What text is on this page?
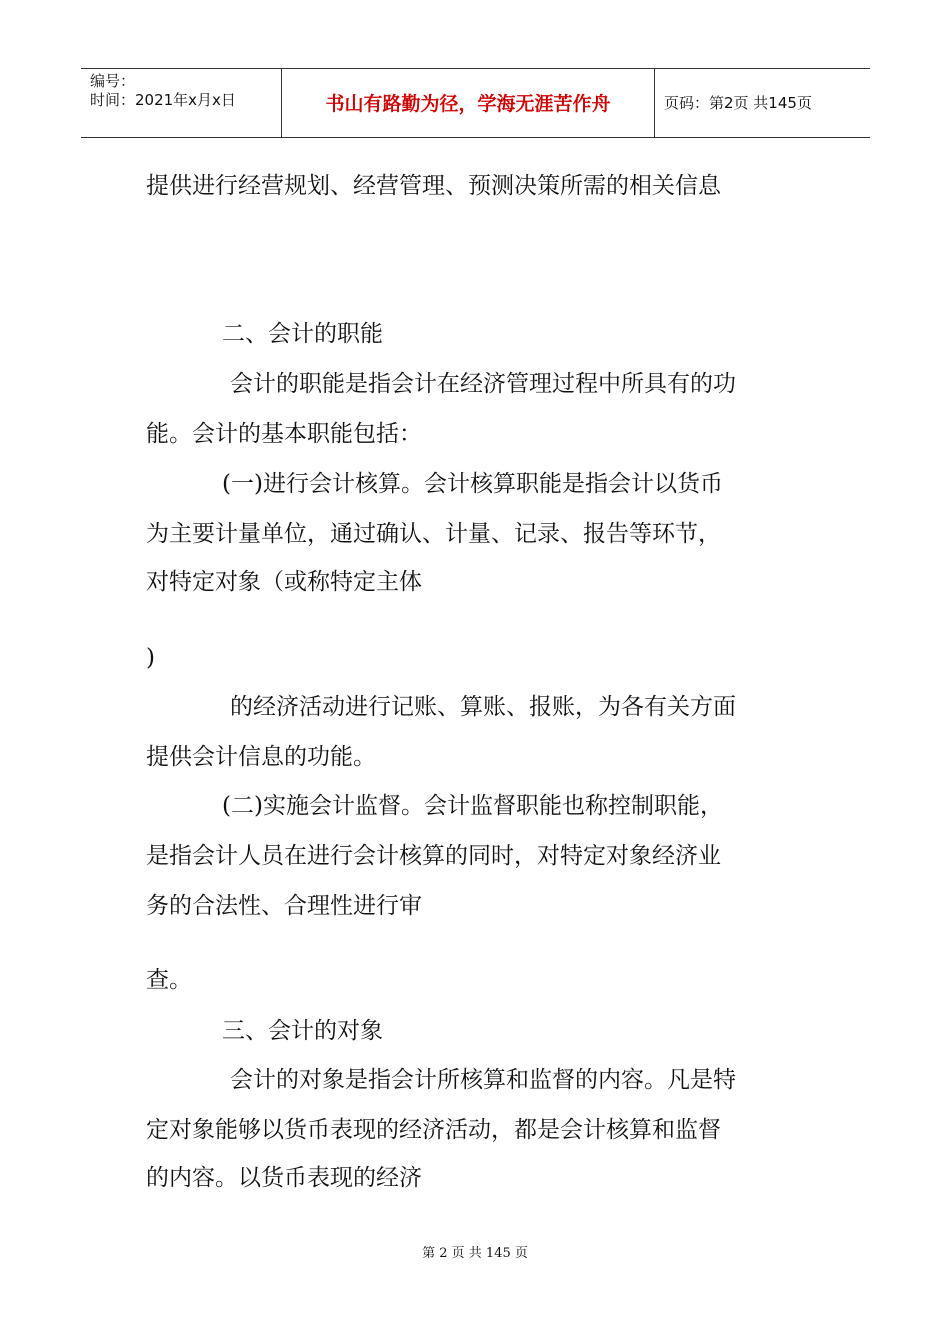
编号：
时间：2021年x月x日	书山有路勤为径，学海无涯苦作舟	页码：第2页 共145页
提供进行经营规划、经营管理、预测决策所需的相关信息
二、会计的职能
会计的职能是指会计在经济管理过程中所具有的功
能。会计的基本职能包括：
(一)进行会计核算。会计核算职能是指会计以货币
为主要计量单位，通过确认、计量、记录、报告等环节，
对特定对象（或称特定主体
)
的经济活动进行记账、算账、报账，为各有关方面
提供会计信息的功能。
(二)实施会计监督。会计监督职能也称控制职能，
是指会计人员在进行会计核算的同时，对特定对象经济业
务的合法性、合理性进行审
查。
三、会计的对象
会计的对象是指会计所核算和监督的内容。凡是特
定对象能够以货币表现的经济活动，都是会计核算和监督
的内容。以货币表现的经济
第 2 页 共 145 页
